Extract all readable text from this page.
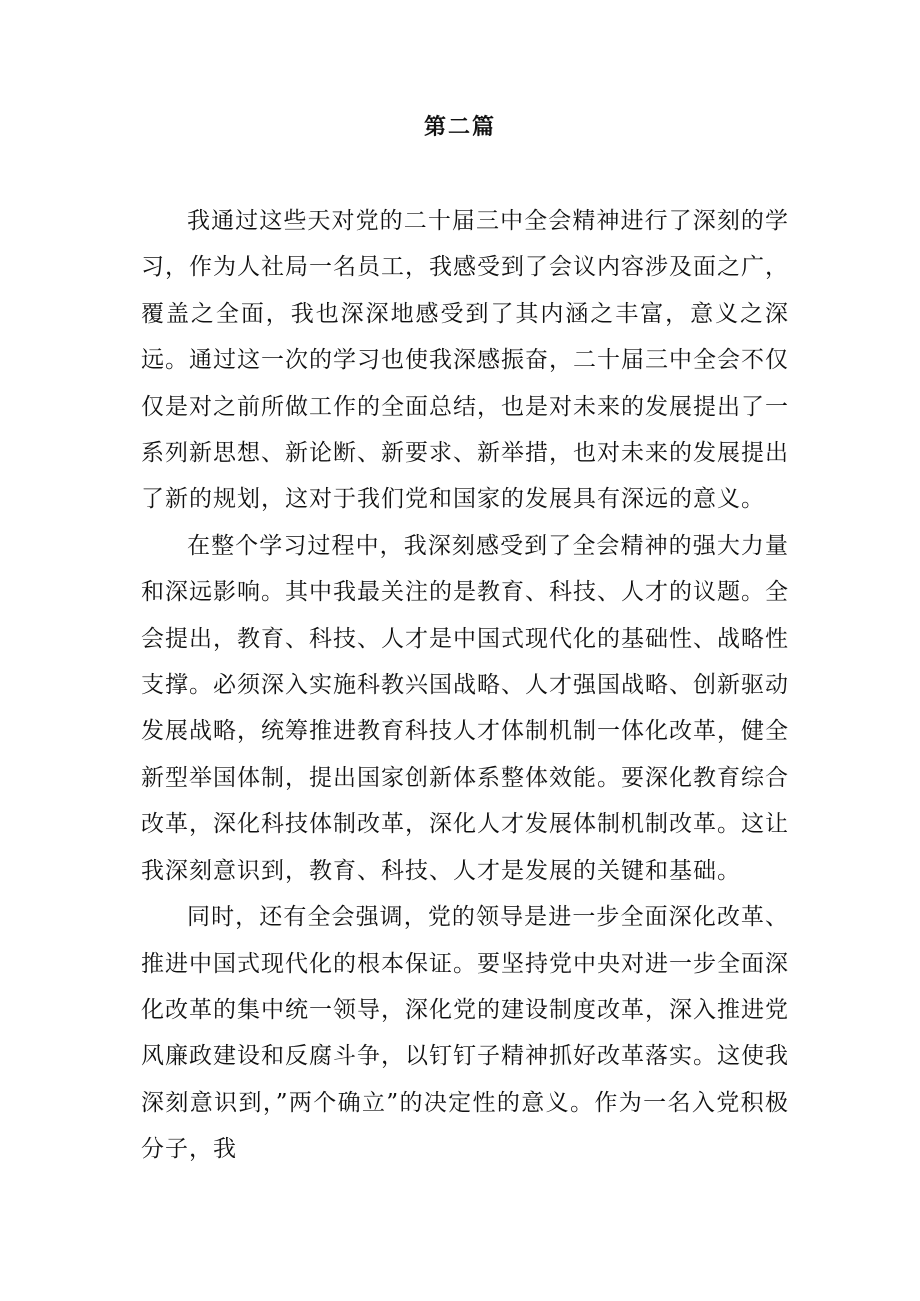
第二篇

我通过这些天对党的二十届三中全会精神进行了深刻的学习，作为人社局一名员工，我感受到了会议内容涉及面之广，覆盖之全面，我也深深地感受到了其内涵之丰富，意义之深远。通过这一次的学习也使我深感振奋，二十届三中全会不仅仅是对之前所做工作的全面总结，也是对未来的发展提出了一系列新思想、新论断、新要求、新举措，也对未来的发展提出了新的规划，这对于我们党和国家的发展具有深远的意义。

在整个学习过程中，我深刻感受到了全会精神的强大力量和深远影响。其中我最关注的是教育、科技、人才的议题。全会提出，教育、科技、人才是中国式现代化的基础性、战略性支撑。必须深入实施科教兴国战略、人才强国战略、创新驱动发展战略，统筹推进教育科技人才体制机制一体化改革，健全新型举国体制，提出国家创新体系整体效能。要深化教育综合改革，深化科技体制改革，深化人才发展体制机制改革。这让我深刻意识到，教育、科技、人才是发展的关键和基础。

同时，还有全会强调，党的领导是进一步全面深化改革、推进中国式现代化的根本保证。要坚持党中央对进一步全面深化改革的集中统一领导，深化党的建设制度改革，深入推进党风廉政建设和反腐斗争，以钉钉子精神抓好改革落实。这使我深刻意识到，”两个确立”的决定性的意义。作为一名入党积极分子，我
